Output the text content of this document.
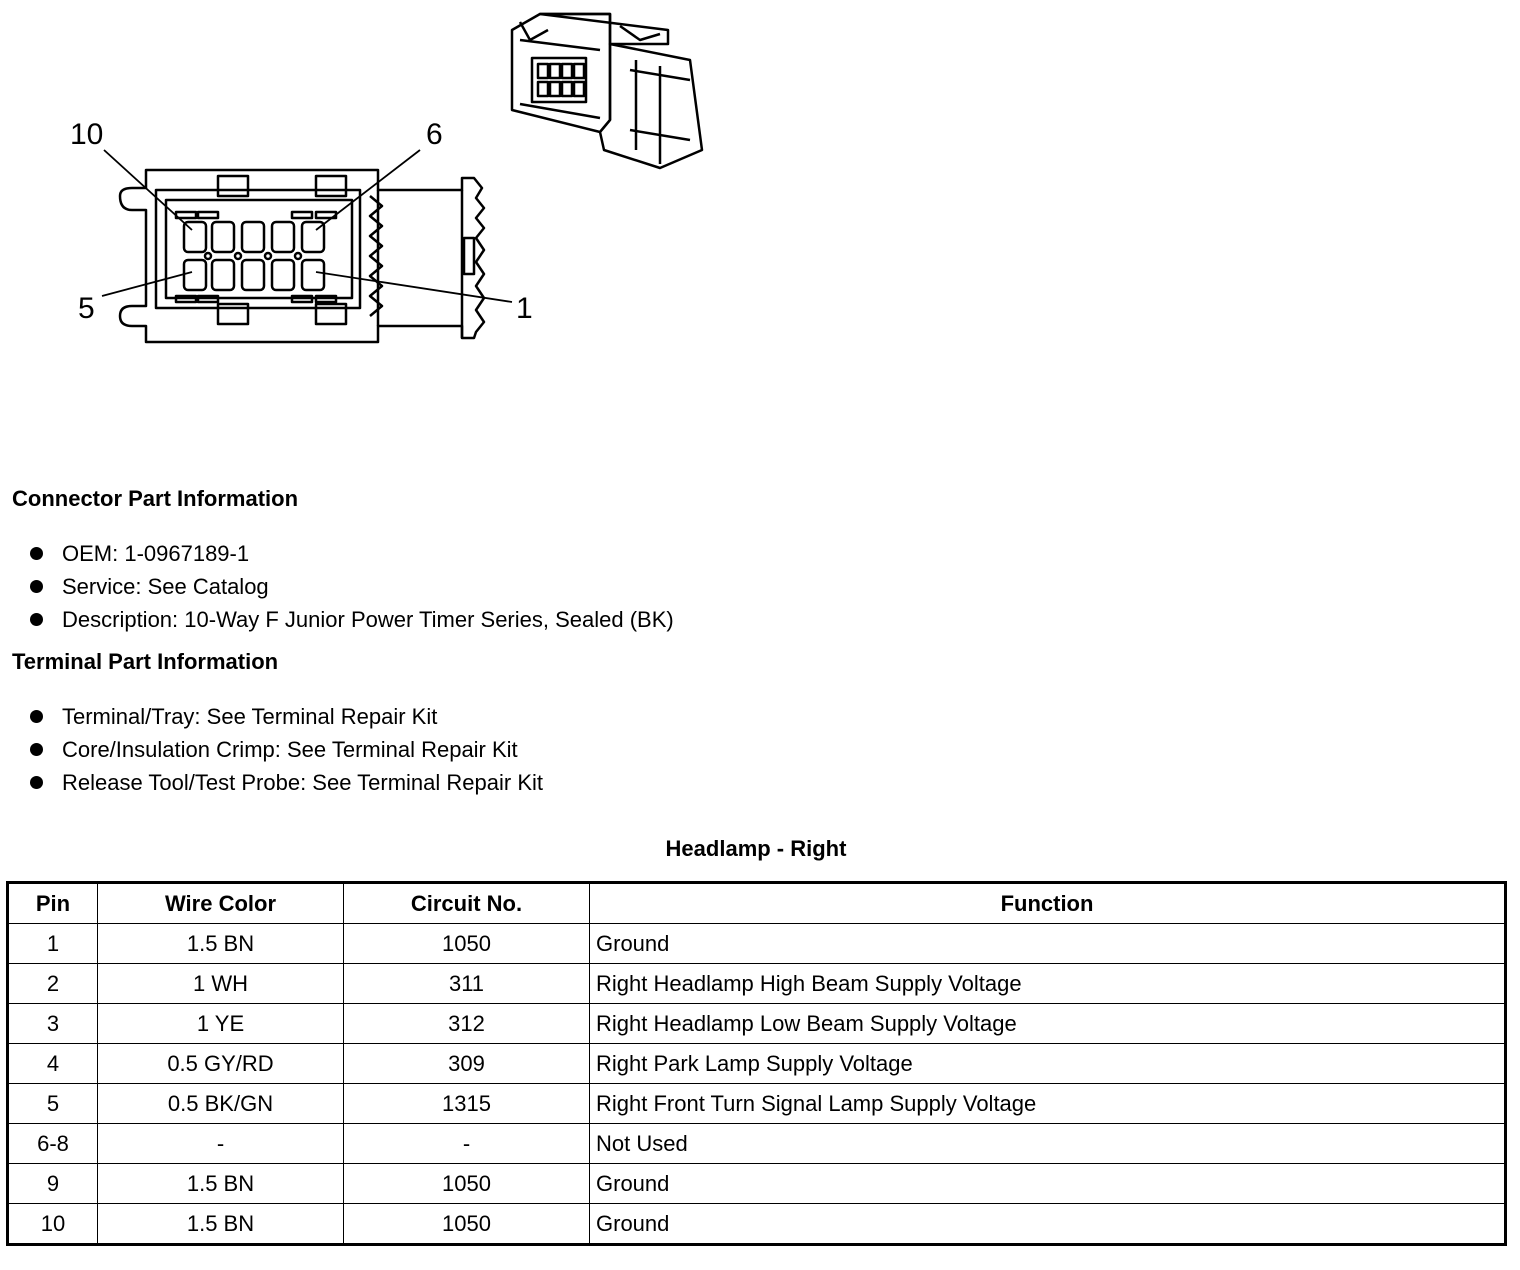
10	6
5	1
Connector Part Information
OEM: 1-0967189-1
Service: See Catalog
Description: 10-Way F Junior Power Timer Series, Sealed (BK)
Terminal Part Information
Terminal/Tray: See Terminal Repair Kit
Core/Insulation Crimp: See Terminal Repair Kit
Release Tool/Test Probe: See Terminal Repair Kit
Headlamp - Right
Pin	Wire Color	Circuit No.	Function
1	1.5 BN	1050	Ground
2	1 WH	311	Right Headlamp High Beam Supply Voltage
3	1 YE	312	Right Headlamp Low Beam Supply Voltage
4	0.5 GY/RD	309	Right Park Lamp Supply Voltage
5	0.5 BK/GN	1315	Right Front Turn Signal Lamp Supply Voltage
6-8	-	-	Not Used
9	1.5 BN	1050	Ground
10	1.5 BN	1050	Ground
